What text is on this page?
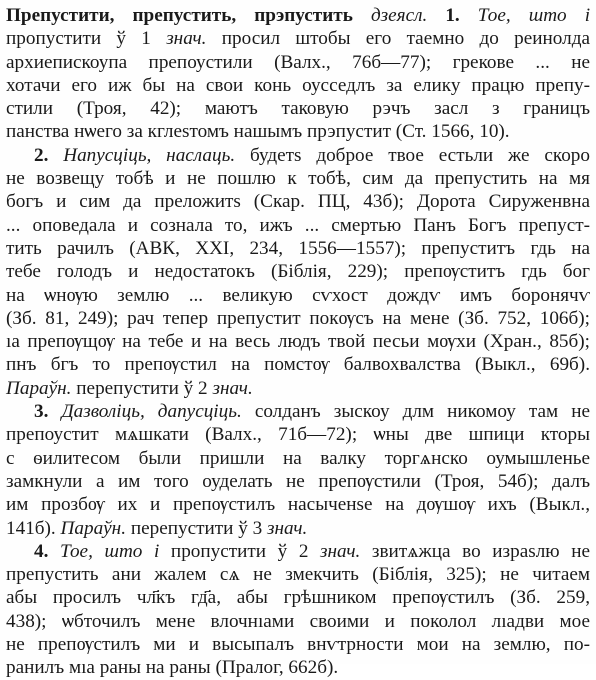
Препустити, препустить, прэпустить дзеясл. 1. Тое, што і
пропустити ў 1 знач. просил штобы его таемно до реинолда
архиепискоупа препоустили (Валх., 76б—77); грекове ... не
хотачи его иж бы на свои конь оусседлъ за елику працю препу-
стили (Троя, 42); маютъ таковую рэчъ засл з границъ
панства нѡего за кглеѕтомъ нашымъ прэпустит (Ст. 1566, 10).
2. Напусціць, наслаць. будетѕ доброе твое естьли же скоро
не возвещу тобѣ и не пошлю к тобѣ, сим да препустить на мя
богъ и сим да преложитѕ (Скар. ПЦ, 43б); Дорота Сируженвна
... оповедала и сознала то, ижъ ... смертью Панъ Богъ препуст-
тить рачилъ (АВК, XXI, 234, 1556—1557); препуститъ гдь на
тебе голодъ и недостатокъ (Біблія, 229); препѹститъ гдь бог
на ѡнѹю землю ... великую сѵхост дождѵ имъ боронячѵ
(Зб. 81, 249); рач тепер препустит покѹсъ на мене (Зб. 752, 106б);
ıа препѹщѹ на тебе и на весь людъ твой песьи мѹхи (Хран., 85б);
пнъ бгъ то препѹстил на помстѹ балвохвалства (Выкл., 69б).
Параўн. перепустити ў 2 знач.
3. Дазволіць, дапусціць. солданъ зыскоу длм никомоу там не
препоустит мѧшкати (Валх., 71б—72); ѡны две шпици кторы
с ѳилитесом были пришли на валку торгѧнско оумышленье
замкнули а им того оуделать не препѹстили (Троя, 54б); далъ
им прозбѹ их и препѹстилъ насыченѕе на дѹшѹ ихъ (Выкл.,
141б). Параўн. перепустити ў 3 знач.
4. Тое, што і пропустити ў 2 знач. звитѧжца во израѕлю не
препустить ани жалем сѧ не змекчить (Біблія, 325); не читаем
абы просилъ чл҃къ гд҃а, абы грѣшником препѹстилъ (Зб. 259,
438); ѡбточилъ мене влочнıами своими и поколол лıадви мое
не препѹстилъ ми и высыпалъ внѵтрности мои на землю, по-
ранилъ мıа раны на раны (Пралог, 662б).
